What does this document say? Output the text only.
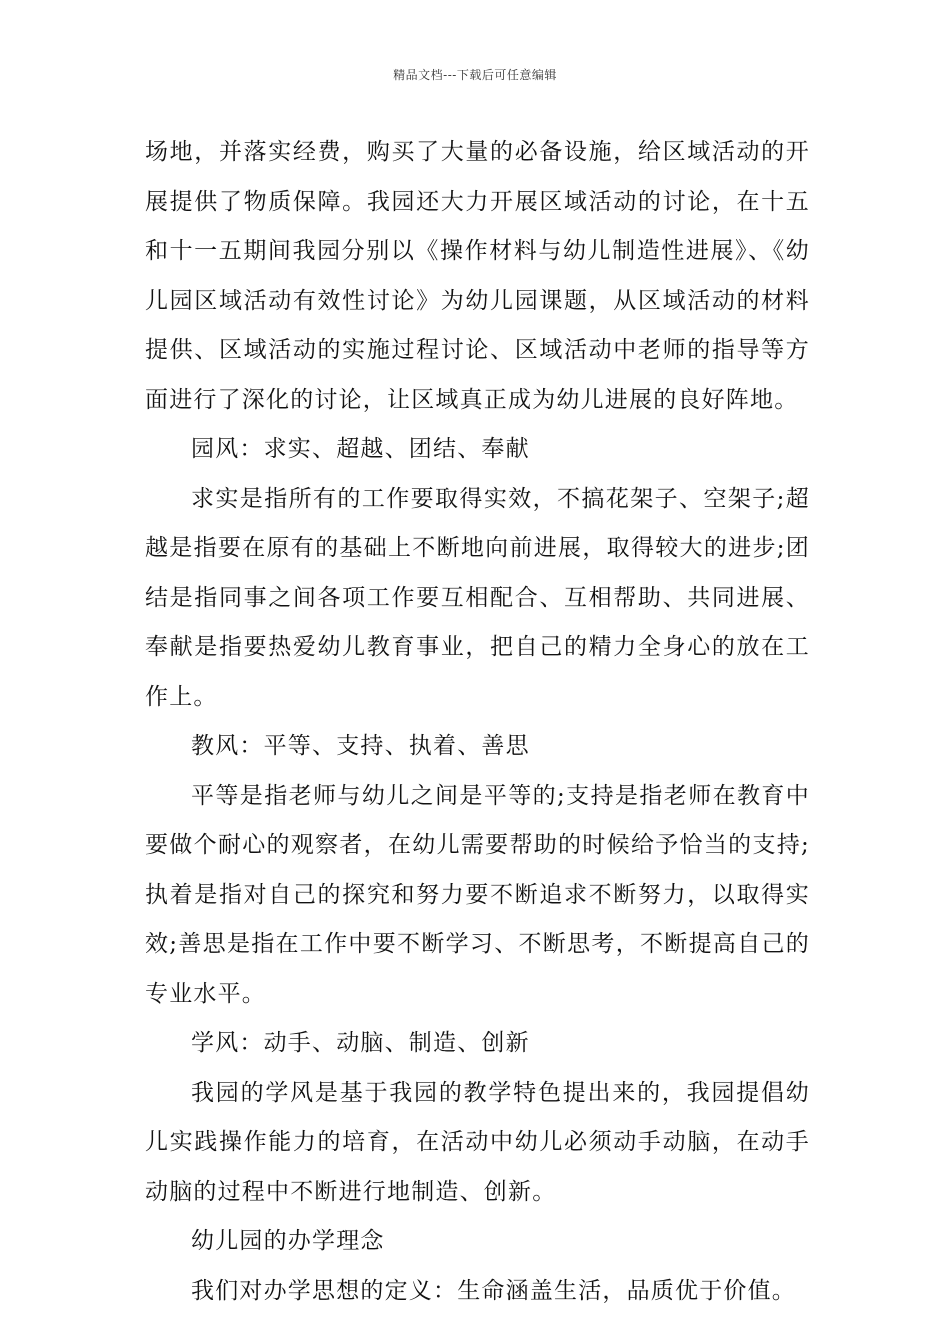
精品文档---下载后可任意编辑

场地，并落实经费，购买了大量的必备设施，给区域活动的开展提供了物质保障。我园还大力开展区域活动的讨论，在十五和十一五期间我园分别以《操作材料与幼儿制造性进展》、《幼儿园区域活动有效性讨论》为幼儿园课题，从区域活动的材料提供、区域活动的实施过程讨论、区域活动中老师的指导等方面进行了深化的讨论，让区域真正成为幼儿进展的良好阵地。

园风：求实、超越、团结、奉献

求实是指所有的工作要取得实效，不搞花架子、空架子;超越是指要在原有的基础上不断地向前进展，取得较大的进步;团结是指同事之间各项工作要互相配合、互相帮助、共同进展、奉献是指要热爱幼儿教育事业，把自己的精力全身心的放在工作上。

教风：平等、支持、执着、善思

平等是指老师与幼儿之间是平等的;支持是指老师在教育中要做个耐心的观察者，在幼儿需要帮助的时候给予恰当的支持;执着是指对自己的探究和努力要不断追求不断努力，以取得实效;善思是指在工作中要不断学习、不断思考，不断提高自己的专业水平。

学风：动手、动脑、制造、创新

我园的学风是基于我园的教学特色提出来的，我园提倡幼儿实践操作能力的培育，在活动中幼儿必须动手动脑，在动手动脑的过程中不断进行地制造、创新。

幼儿园的办学理念

我们对办学思想的定义：生命涵盖生活，品质优于价值。
